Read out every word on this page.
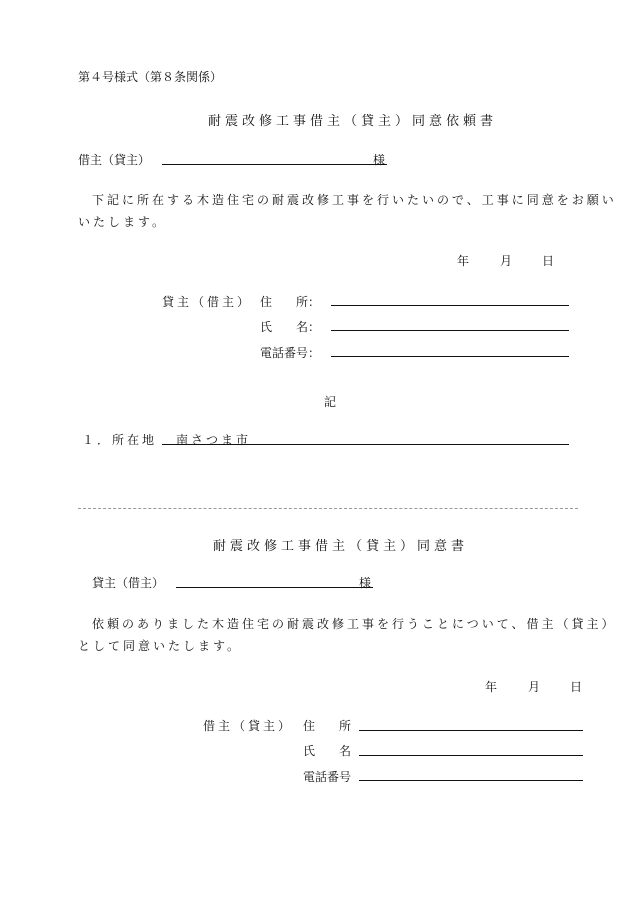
第４号様式（第８条関係）
耐震改修工事借主（貸主）同意依頼書
借主（貸主）	様
下記に所在する木造住宅の耐震改修工事を行いたいので、工事に同意をお願い
いたします。
年	月 日
貸主（借主） 住　　所：
氏　　名：
電話番号：
記
１．所在地 南さつま市
耐震改修工事借主（貸主）同意書
貸主（借主）	様
依頼のありました木造住宅の耐震改修工事を行うことについて、借主（貸主）
として同意いたします。
年	月 日
借主（貸主） 住　　所
氏　　名
電話番号
